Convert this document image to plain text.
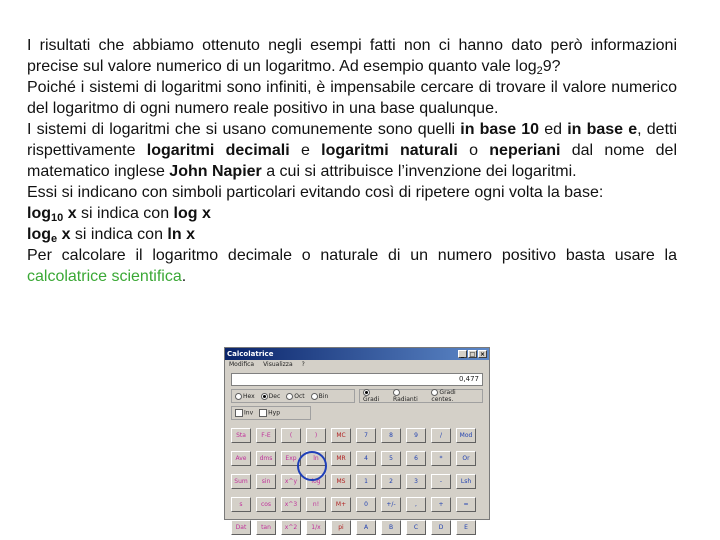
I risultati che abbiamo ottenuto negli esempi fatti non ci hanno dato però informazioni precise sul valore numerico di un logaritmo. Ad esempio quanto vale $\log_29$?

Poiché i sistemi di logaritmi sono infiniti, è impensabile cercare di trovare il valore numerico del logaritmo di ogni numero reale positivo in una base qualunque.

I sistemi di logaritmi che si usano comunemente sono quelli in base 10 ed in base e, detti rispettivamente logaritmi decimali e logaritmi naturali o neperiani dal nome del matematico inglese John Napier a cui si attribuisce l’invenzione dei logaritmi.

Essi si indicano con simboli particolari evitando così di ripetere ogni volta la base:

$\log_{10} x$ si indica con log x

$\log_e x$ si indica con ln x

Per calcolare il logaritmo decimale o naturale di un numero positivo basta usare la calcolatrice scientifica.

Calcolatrice	_ □ ×
Modifica Visualizza ?
0,477
Hex	Dec	Oct	Bin	Gradi	Radianti
Gradi centes.
Inv	Hyp
Sta	F-E	(	)	MC	7	8	9	/	Mod
Ave	dms	Exp	ln	MR	4	5	6	*	Or
Sum	sin	x^y	log	MS	1	2	3	-	Lsh
s	cos	x^3	n!	M+	0	+/-	,	+	=
Dat	tan	x^2	1/x	pi	A	B	C	D	E
